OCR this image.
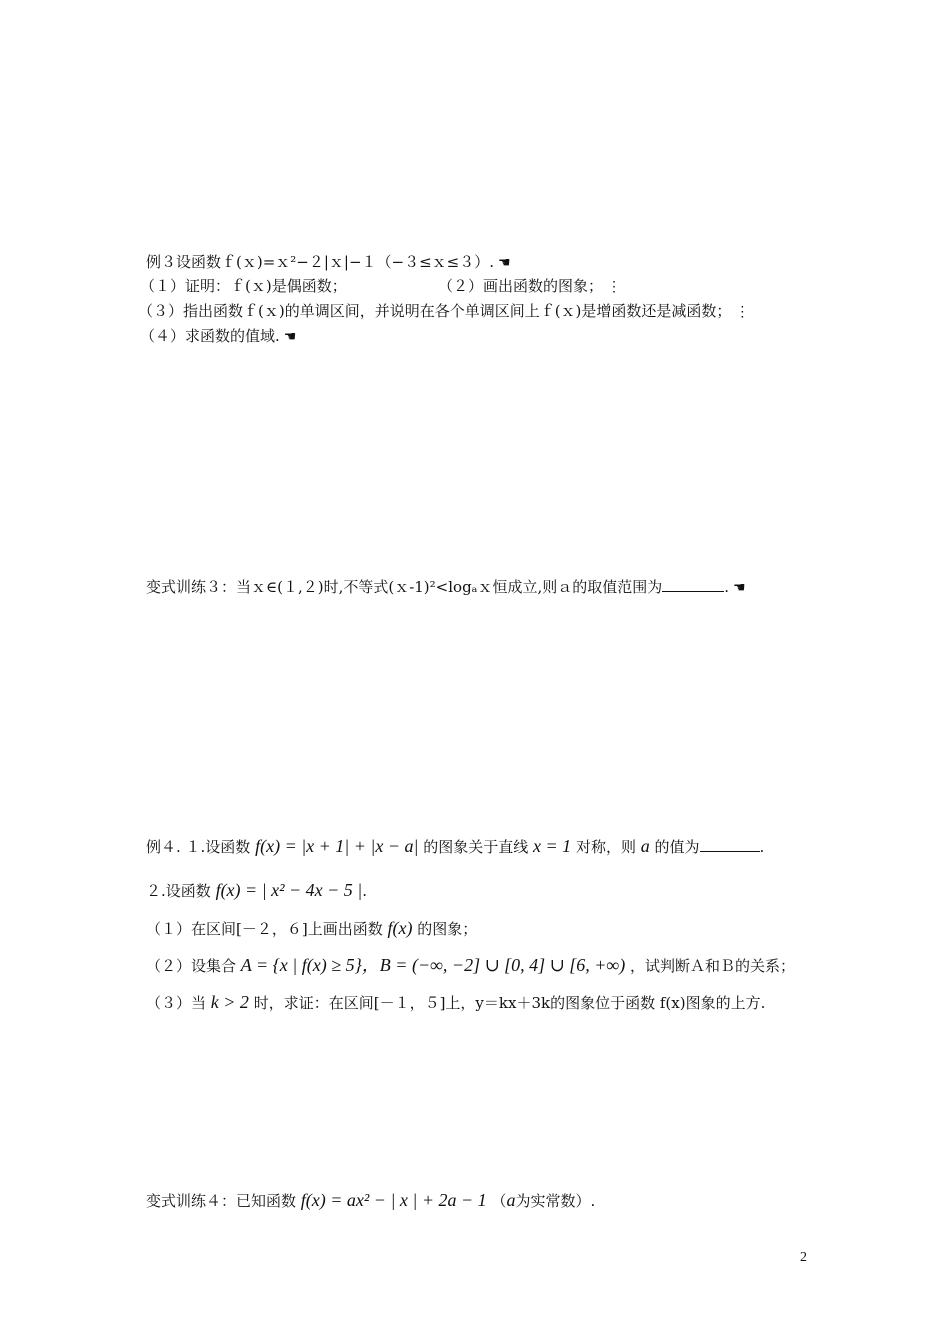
例３设函数ｆ(ｘ)=ｘ²−２|ｘ|−１（−３≤ｘ≤３）. ☚
（１）证明：ｆ(ｘ)是偶函数；	（２）画出函数的图象； ⋮
（３）指出函数ｆ(ｘ)的单调区间，并说明在各个单调区间上ｆ(ｘ)是增函数还是减函数； ⋮
（４）求函数的值域. ☚
变式训练３：当ｘ∈(１,２)时,不等式(ｘ-1)²<logₐｘ恒成立,则ａ的取值范围为	. ☚
例４. １.设函数 f(x) = |x + 1| + |x − a| 的图象关于直线 x = 1 对称，则 a 的值为	.
２.设函数 f(x) = | x² − 4x − 5 |.
（１）在区间[－２，６]上画出函数 f(x) 的图象；
（２）设集合 A = {x | f(x) ≥ 5}，B = (−∞, −2] ∪ [0, 4] ∪ [6, +∞) ，试判断Ａ和Ｂ的关系；
（３）当 k > 2 时，求证：在区间[－１，５]上，y＝kx＋3k的图象位于函数 f(x)图象的上方.
变式训练４：已知函数 f(x) = ax² − | x | + 2a − 1 （a为实常数）.
2
